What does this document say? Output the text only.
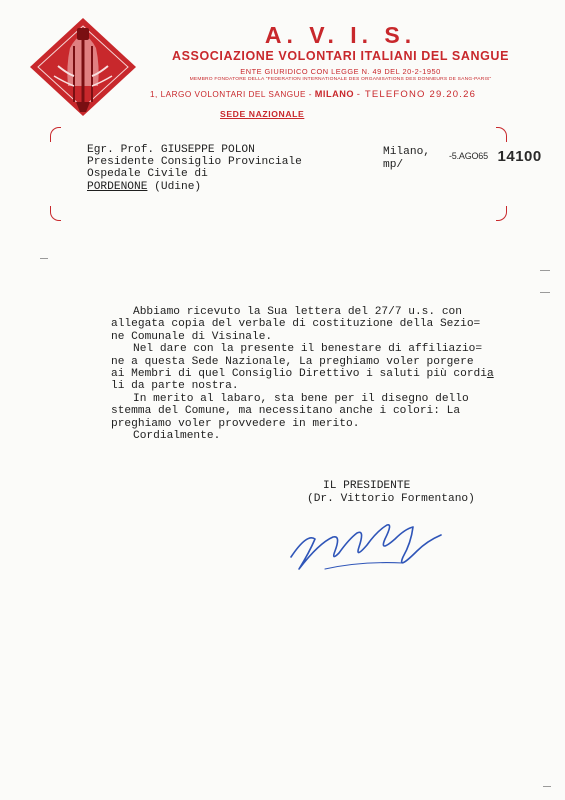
A. V. I. S.
ASSOCIAZIONE VOLONTARI ITALIANI DEL SANGUE
ENTE GIURIDICO CON LEGGE N. 49 DEL 20-2-1950
MEMBRO FONDATORE DELLA "FEDERATION INTERNATIONALE DES ORGANISATIONS DES DONNEURS DE SANG-PARIS"
1, LARGO VOLONTARI DEL SANGUE - MILANO - TELEFONO 29.20.26
SEDE NAZIONALE
Egr. Prof. GIUSEPPE POLON
Presidente Consiglio Provinciale
Ospedale Civile di
PORDENONE (Udine)
Milano,
mp/
-5.AGO65 14100
Abbiamo ricevuto la Sua lettera del 27/7 u.s. con
allegata copia del verbale di costituzione della Sezio=
ne Comunale di Visinale.
Nel dare con la presente il benestare di affiliazio=
ne a questa Sede Nazionale, La preghiamo voler porgere
ai Membri di quel Consiglio Direttivo i saluti più cordia
li da parte nostra.
In merito al labaro, sta bene per il disegno dello
stemma del Comune, ma necessitano anche i colori: La
preghiamo voler provvedere in merito.
Cordialmente.
IL PRESIDENTE
(Dr. Vittorio Formentano)
